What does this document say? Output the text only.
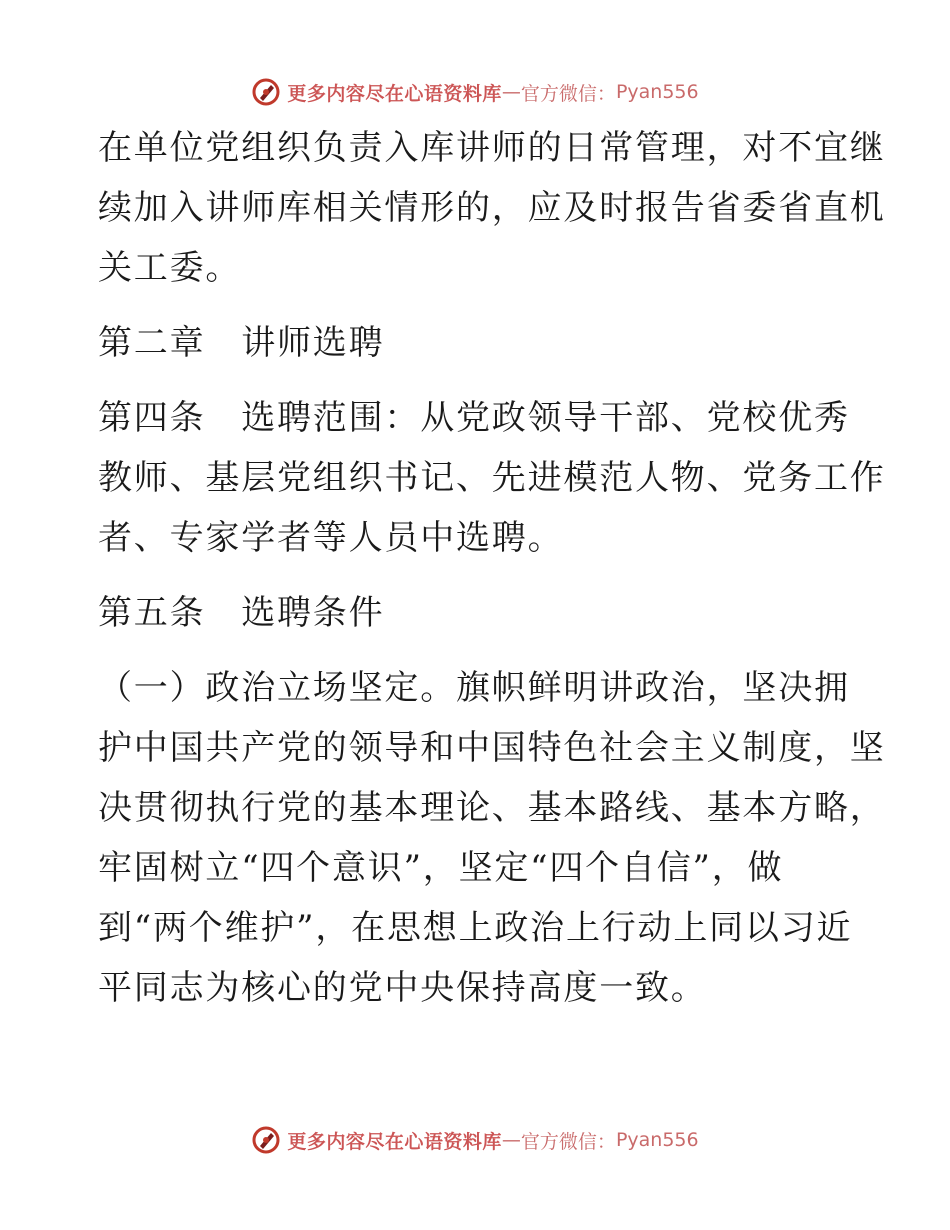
更多内容尽在心语资料库 — 官方微信： Pyan556
在单位党组织负责入库讲师的日常管理，对不宜继
续加入讲师库相关情形的，应及时报告省委省直机
关工委。
第二章　讲师选聘
第四条　选聘范围：从党政领导干部、党校优秀
教师、基层党组织书记、先进模范人物、党务工作
者、专家学者等人员中选聘。
第五条　选聘条件
（一）政治立场坚定。旗帜鲜明讲政治，坚决拥
护中国共产党的领导和中国特色社会主义制度，坚
决贯彻执行党的基本理论、基本路线、基本方略，
牢固树立“四个意识”，坚定“四个自信”，做
到“两个维护”，在思想上政治上行动上同以习近
平同志为核心的党中央保持高度一致。
更多内容尽在心语资料库 — 官方微信： Pyan556
